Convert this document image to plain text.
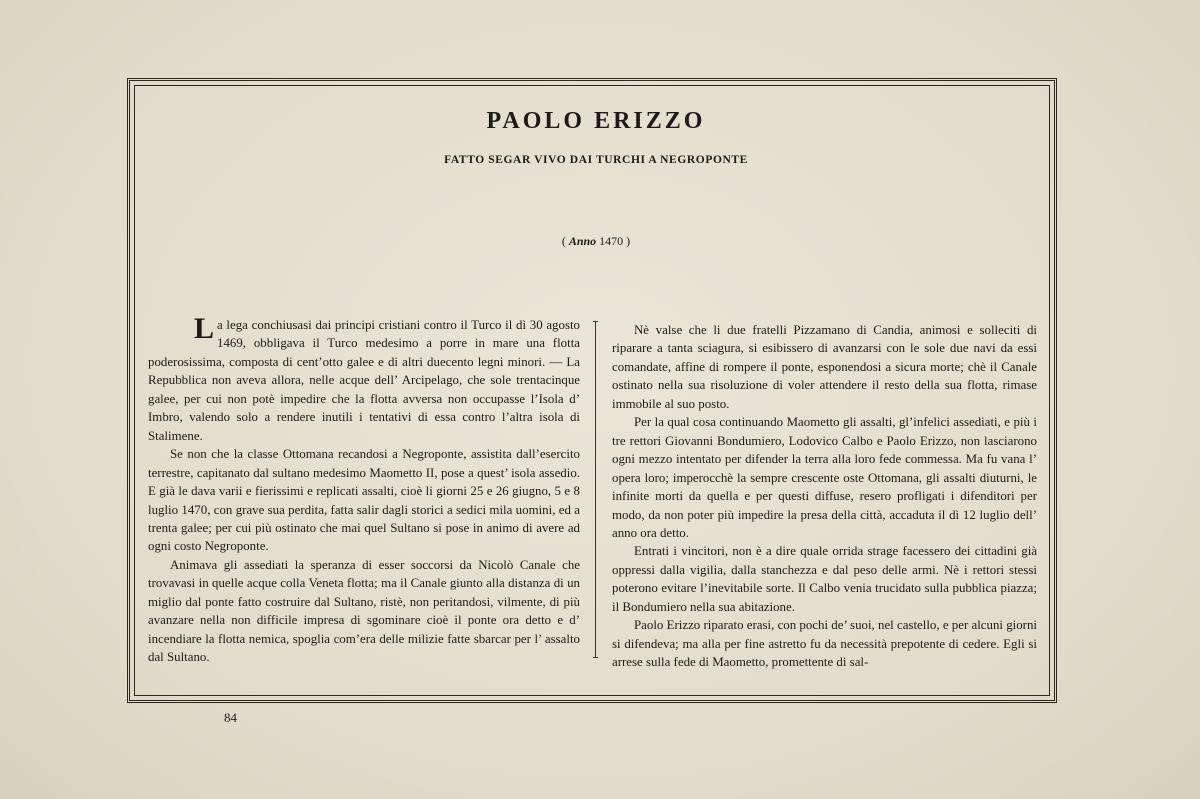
PAOLO ERIZZO
FATTO SEGAR VIVO DAI TURCHI A NEGROPONTE
( Anno 1470 )

La lega conchiusasi dai principi cristiani contro il Turco il dì 30 agosto 1469, obbligava il Turco medesimo a porre in mare una flotta poderosissima, composta di cent’otto galee e di altri duecento legni minori. — La Repubblica non aveva allora, nelle acque dell’ Arcipelago, che sole trentacinque galee, per cui non potè impedire che la flotta avversa non occupasse l’Isola d’ Imbro, valendo solo a rendere inutili i tentativi di essa contro l’altra isola di Stalimene.

Se non che la classe Ottomana recandosi a Negroponte, assistita dall’esercito terrestre, capitanato dal sultano medesimo Maometto II, pose a quest’ isola assedio. E già le dava varii e fierissimi e replicati assalti, cioè li giorni 25 e 26 giugno, 5 e 8 luglio 1470, con grave sua perdita, fatta salir dagli storici a sedici mila uomini, ed a trenta galee; per cui più ostinato che mai quel Sultano si pose in animo di avere ad ogni costo Negroponte.

Animava gli assediati la speranza di esser soccorsi da Nicolò Canale che trovavasi in quelle acque colla Veneta flotta; ma il Canale giunto alla distanza di un miglio dal ponte fatto costruire dal Sultano, ristè, non peritandosi, vilmente, di più avanzare nella non difficile impresa di sgominare cioè il ponte ora detto e d’ incendiare la flotta nemica, spoglia com’era delle milizie fatte sbarcar per l’ assalto dal Sultano.

Nè valse che li due fratelli Pizzamano di Candia, animosi e solleciti di riparare a tanta sciagura, si esibissero di avanzarsi con le sole due navi da essi comandate, affine di rompere il ponte, esponendosi a sicura morte; chè il Canale ostinato nella sua risoluzione di voler attendere il resto della sua flotta, rimase immobile al suo posto.

Per la qual cosa continuando Maometto gli assalti, gl’infelici assediati, e più i tre rettori Giovanni Bondumiero, Lodovico Calbo e Paolo Erizzo, non lasciarono ogni mezzo intentato per difender la terra alla loro fede commessa. Ma fu vana l’ opera loro; imperocchè la sempre crescente oste Ottomana, gli assalti diuturni, le infinite morti da quella e per questi diffuse, resero profligati i difenditori per modo, da non poter più impedire la presa della città, accaduta il dì 12 luglio dell’ anno ora detto.

Entrati i vincitori, non è a dire quale orrida strage facessero dei cittadini già oppressi dalla vigilia, dalla stanchezza e dal peso delle armi. Nè i rettori stessi poterono evitare l’inevitabile sorte. Il Calbo venia trucidato sulla pubblica piazza; il Bondumiero nella sua abitazione.

Paolo Erizzo riparato erasi, con pochi de’ suoi, nel castello, e per alcuni giorni si difendeva; ma alla per fine astretto fu da necessità prepotente di cedere. Egli si arrese sulla fede di Maometto, promettente di sal-

84
